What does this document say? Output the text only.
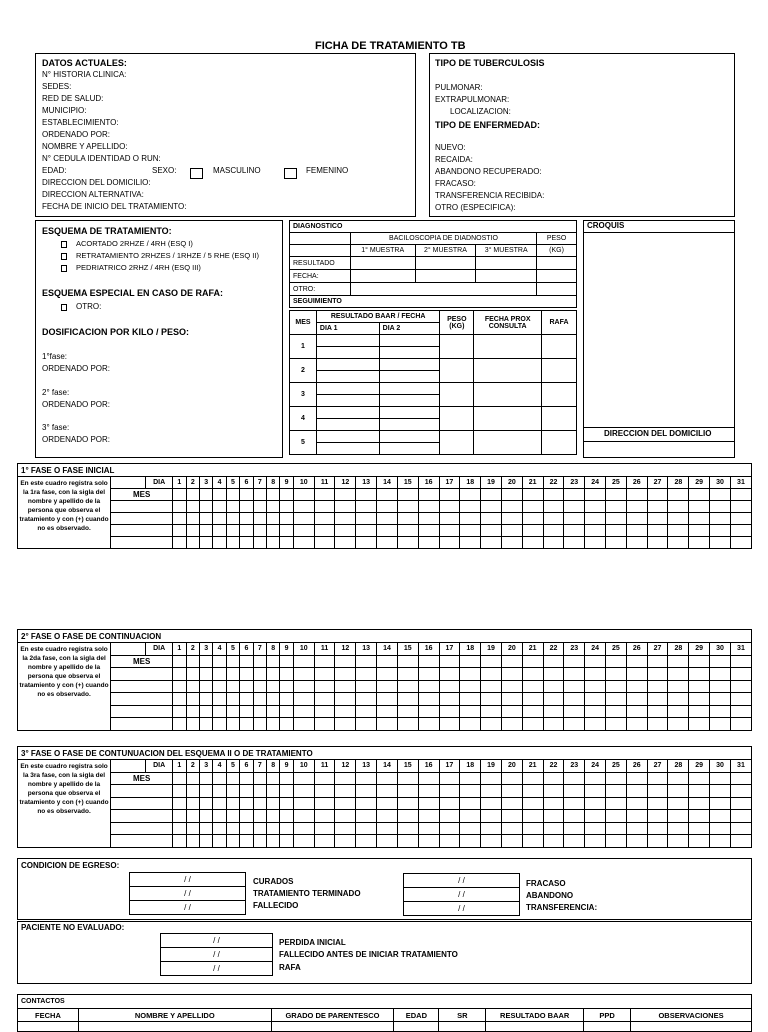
FICHA DE TRATAMIENTO TB
DATOS ACTUALES:
N° HISTORIA CLINICA:
SEDES:
RED DE SALUD:
MUNICIPIO:
ESTABLECIMIENTO:
ORDENADO POR:
NOMBRE Y APELLIDO:
N° CEDULA IDENTIDAD O RUN:
EDAD:	SEXO:	MASCULINO	FEMENINO
DIRECCION DEL DOMICILIO:
DIRECCION ALTERNATIVA:
FECHA DE INICIO DEL TRATAMIENTO:
TIPO DE TUBERCULOSIS
PULMONAR:
EXTRAPULMONAR:
LOCALIZACION:
TIPO DE ENFERMEDAD:
NUEVO:
RECAIDA:
ABANDONO RECUPERADO:
FRACASO:
TRANSFERENCIA RECIBIDA:
OTRO (ESPECIFICA):
ESQUEMA DE TRATAMIENTO:
ACORTADO 2RHZE / 4RH (ESQ I)
RETRATAMIENTO 2RHZES / 1RHZE / 5 RHE (ESQ II)
PEDRIATRICO 2RHZ / 4RH (ESQ III)
ESQUEMA ESPECIAL EN CASO DE RAFA:
OTRO:
DOSIFICACION POR KILO / PESO:
1°fase:
ORDENADO POR:
2° fase:
ORDENADO POR:
3° fase:
ORDENADO POR:
DIAGNOSTICO				
	BACILOSCOPIA DE DIADNOSTIO			PESO
	1° MUESTRA	2° MUESTRA	3° MUESTRA	(KG)
RESULTADO				
FECHA:				
OTRO:				
SEGUIMIENTO				
MES	RESULTADO BAAR / FECHA		PESO (KG)	FECHA PROX CONSULTA	RAFA
	DIA 1	DIA 2			
1					

2					

3					

4					

5					

CROQUIS
DIRECCION DEL DOMICILIO
1° FASE O FASE INICIAL																																	
En este cuadro registra solo la 1ra fase, con la sigla del nombre y apellido de la persona que observa el tratamiento y con (+) cuando no es observado.		DIA	1	2	3	4	5	6	7	8	9	10	11	12	13	14	15	16	17	18	19	20	21	22	23	24	25	26	27	28	29	30	31
	MES																																

2° FASE O FASE DE CONTINUACION																																	
En este cuadro registra solo la 2da fase, con la sigla del nombre y apellido de la persona que observa el tratamiento y con (+) cuando no es observado.		DIA	1	2	3	4	5	6	7	8	9	10	11	12	13	14	15	16	17	18	19	20	21	22	23	24	25	26	27	28	29	30	31
	MES																																

3° FASE O FASE DE CONTUNUACION DEL ESQUEMA II O DE TRATAMIENTO																																	
En este cuadro registra solo la 3ra fase, con la sigla del nombre y apellido de la persona que observa el tratamiento y con (+) cuando no es observado.		DIA	1	2	3	4	5	6	7	8	9	10	11	12	13	14	15	16	17	18	19	20	21	22	23	24	25	26	27	28	29	30	31
	MES																																

CONDICION DE EGRESO:
/ /
/ /
/ /
CURADOS
TRATAMIENTO TERMINADO
FALLECIDO
/ /
/ /
/ /
FRACASO
ABANDONO
TRANSFERENCIA:
PACIENTE NO EVALUADO:
/ /
/ /
/ /
PERDIDA INICIAL
FALLECIDO ANTES DE INICIAR TRATAMIENTO
RAFA
CONTACTOS							
FECHA	NOMBRE Y APELLIDO	GRADO DE PARENTESCO	EDAD	SR	RESULTADO BAAR	PPD	OBSERVACIONES
